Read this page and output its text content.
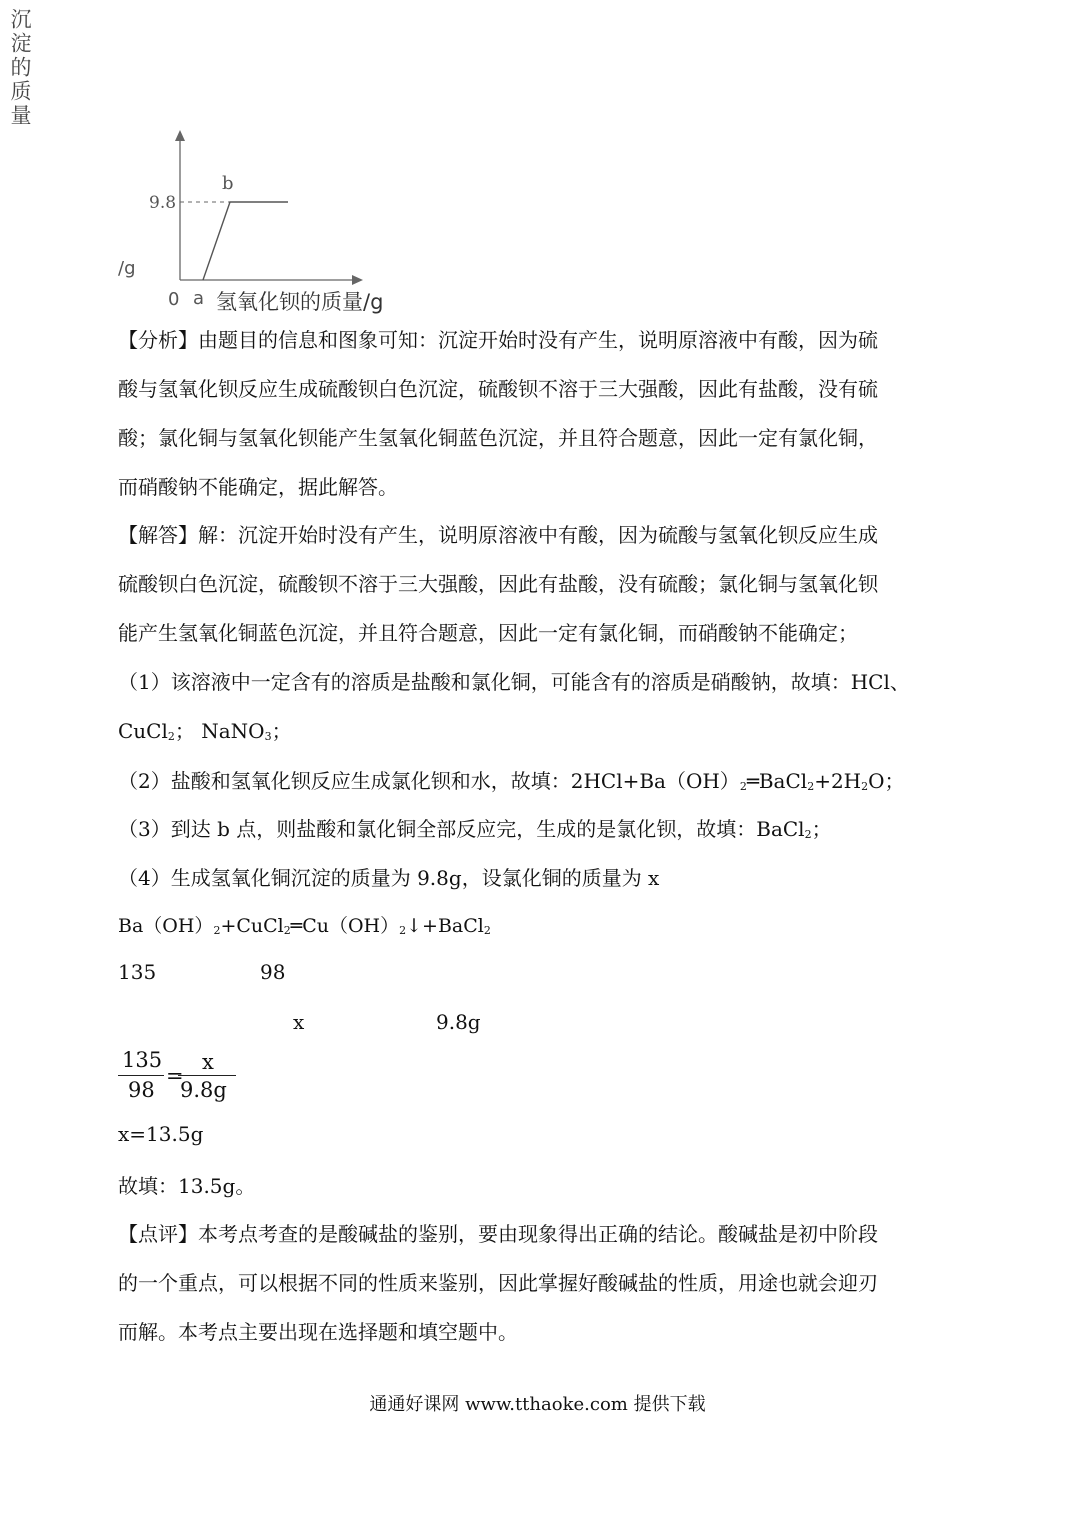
沉淀的质量
/g
9.8
b
0 a 氢氧化钡的质量/g
【分析】由题目的信息和图象可知：沉淀开始时没有产生，说明原溶液中有酸，因为硫
酸与氢氧化钡反应生成硫酸钡白色沉淀，硫酸钡不溶于三大强酸，因此有盐酸，没有硫
酸；氯化铜与氢氧化钡能产生氢氧化铜蓝色沉淀，并且符合题意，因此一定有氯化铜，
而硝酸钠不能确定，据此解答。
【解答】解：沉淀开始时没有产生，说明原溶液中有酸，因为硫酸与氢氧化钡反应生成
硫酸钡白色沉淀，硫酸钡不溶于三大强酸，因此有盐酸，没有硫酸；氯化铜与氢氧化钡
能产生氢氧化铜蓝色沉淀，并且符合题意，因此一定有氯化铜，而硝酸钠不能确定；
（1）该溶液中一定含有的溶质是盐酸和氯化铜，可能含有的溶质是硝酸钠，故填：HCl、
CuCl$_2$； NaNO$_3$；
（2）盐酸和氢氧化钡反应生成氯化钡和水，故填：$2HCl+Ba(OH)_2═BaCl_2+2H_2O$；
（3）到达 b 点，则盐酸和氯化铜全部反应完，生成的是氯化钡，故填：BaCl$_2$；
（4）生成氢氧化铜沉淀的质量为 9.8g，设氯化铜的质量为 x
$Ba(OH)_2+CuCl_2═Cu(OH)_2↓+BaCl_2$
135	98
x	9.8g
135
98
=
x
9.8g
x=13.5g
故填：13.5g。
【点评】本考点考查的是酸碱盐的鉴别，要由现象得出正确的结论。酸碱盐是初中阶段
的一个重点，可以根据不同的性质来鉴别，因此掌握好酸碱盐的性质，用途也就会迎刃
而解。本考点主要出现在选择题和填空题中。
通通好课网 www.tthaoke.com 提供下载
